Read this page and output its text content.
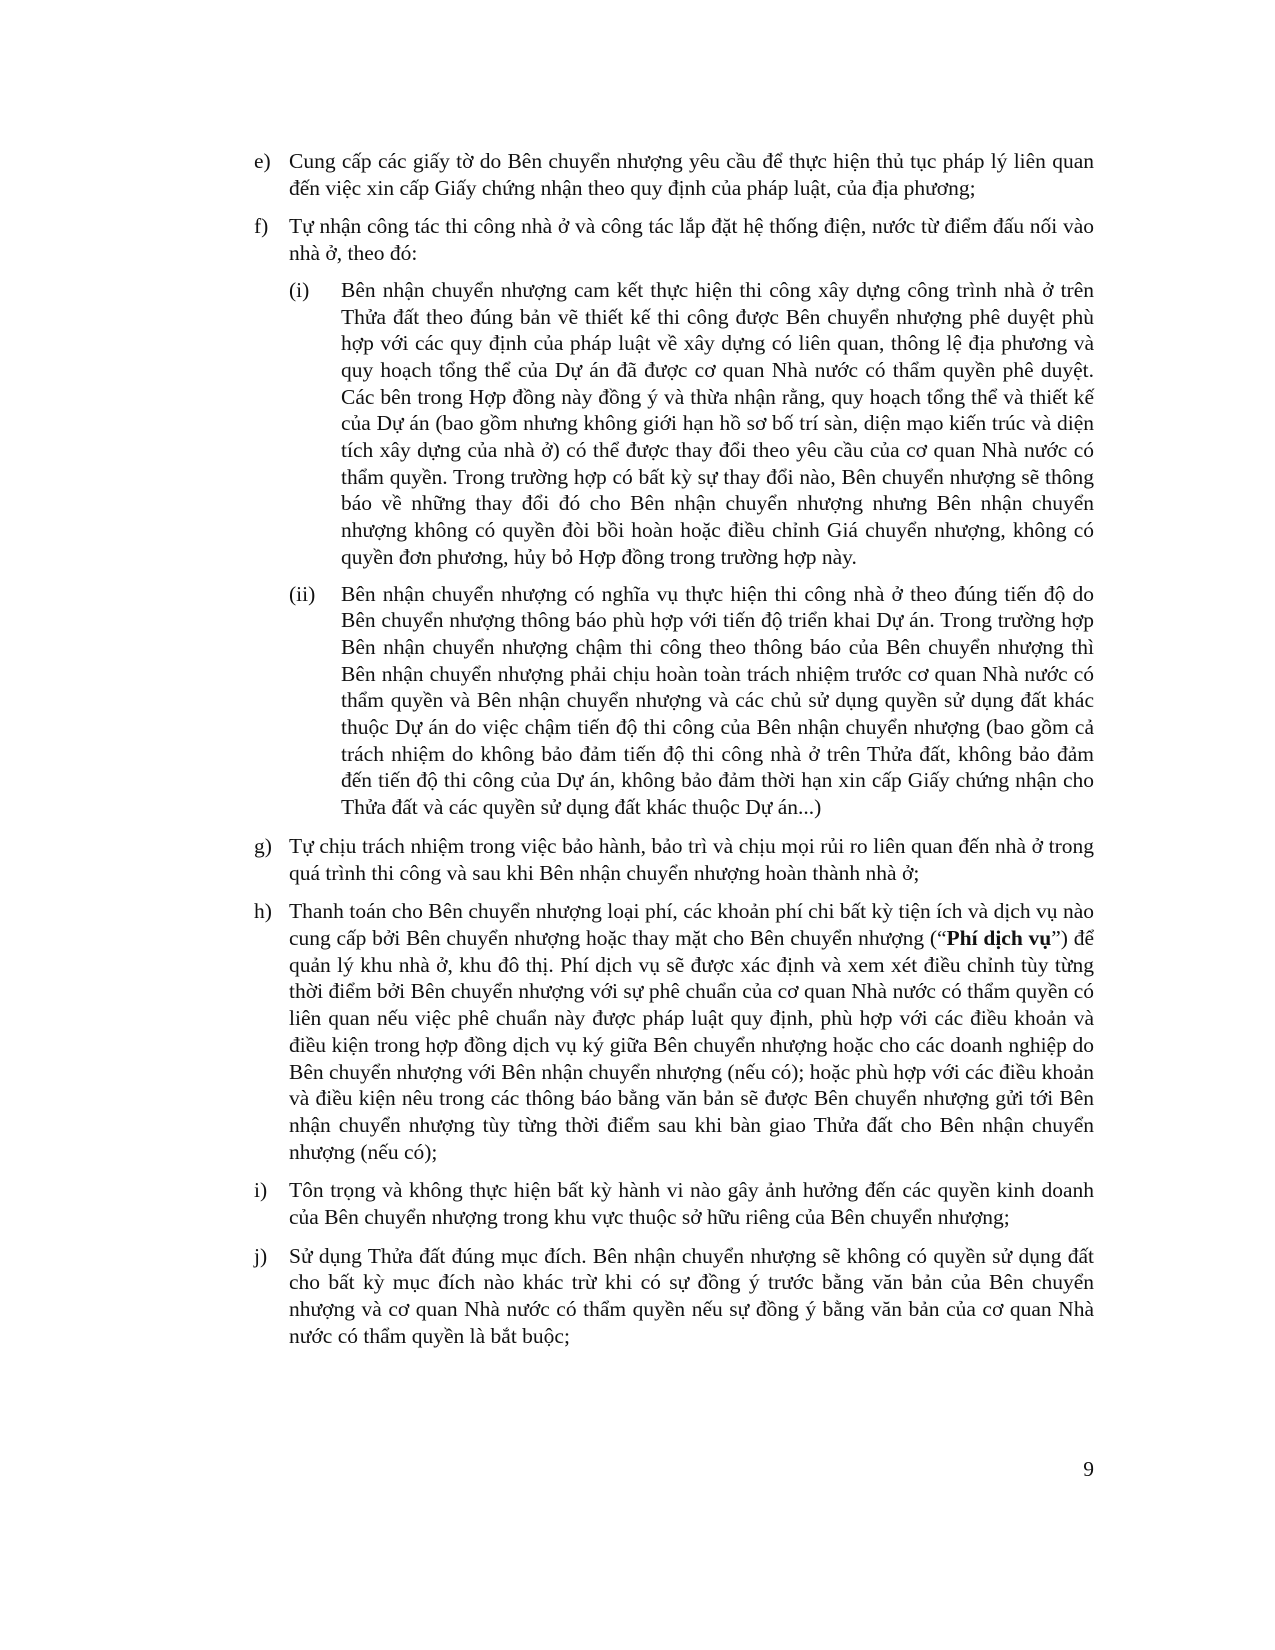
e) Cung cấp các giấy tờ do Bên chuyển nhượng yêu cầu để thực hiện thủ tục pháp lý liên quan đến việc xin cấp Giấy chứng nhận theo quy định của pháp luật, của địa phương;
f) Tự nhận công tác thi công nhà ở và công tác lắp đặt hệ thống điện, nước từ điểm đấu nối vào nhà ở, theo đó:
(i)	Bên nhận chuyển nhượng cam kết thực hiện thi công xây dựng công trình nhà ở trên Thửa đất theo đúng bản vẽ thiết kế thi công được Bên chuyển nhượng phê duyệt phù hợp với các quy định của pháp luật về xây dựng có liên quan, thông lệ địa phương và quy hoạch tổng thể của Dự án đã được cơ quan Nhà nước có thẩm quyền phê duyệt. Các bên trong Hợp đồng này đồng ý và thừa nhận rằng, quy hoạch tổng thể và thiết kế của Dự án (bao gồm nhưng không giới hạn hồ sơ bố trí sàn, diện mạo kiến trúc và diện tích xây dựng của nhà ở) có thể được thay đổi theo yêu cầu của cơ quan Nhà nước có thẩm quyền. Trong trường hợp có bất kỳ sự thay đổi nào, Bên chuyển nhượng sẽ thông báo về những thay đổi đó cho Bên nhận chuyển nhượng nhưng Bên nhận chuyển nhượng không có quyền đòi bồi hoàn hoặc điều chỉnh Giá chuyển nhượng, không có quyền đơn phương, hủy bỏ Hợp đồng trong trường hợp này.
(ii)	Bên nhận chuyển nhượng có nghĩa vụ thực hiện thi công nhà ở theo đúng tiến độ do Bên chuyển nhượng thông báo phù hợp với tiến độ triển khai Dự án. Trong trường hợp Bên nhận chuyển nhượng chậm thi công theo thông báo của Bên chuyển nhượng thì Bên nhận chuyển nhượng phải chịu hoàn toàn trách nhiệm trước cơ quan Nhà nước có thẩm quyền và Bên nhận chuyển nhượng và các chủ sử dụng quyền sử dụng đất khác thuộc Dự án do việc chậm tiến độ thi công của Bên nhận chuyển nhượng (bao gồm cả trách nhiệm do không bảo đảm tiến độ thi công nhà ở trên Thửa đất, không bảo đảm đến tiến độ thi công của Dự án, không bảo đảm thời hạn xin cấp Giấy chứng nhận cho Thửa đất và các quyền sử dụng đất khác thuộc Dự án...)
g) Tự chịu trách nhiệm trong việc bảo hành, bảo trì và chịu mọi rủi ro liên quan đến nhà ở trong quá trình thi công và sau khi Bên nhận chuyển nhượng hoàn thành nhà ở;
h) Thanh toán cho Bên chuyển nhượng loại phí, các khoản phí chi bất kỳ tiện ích và dịch vụ nào cung cấp bởi Bên chuyển nhượng hoặc thay mặt cho Bên chuyển nhượng (“Phí dịch vụ”) để quản lý khu nhà ở, khu đô thị. Phí dịch vụ sẽ được xác định và xem xét điều chỉnh tùy từng thời điểm bởi Bên chuyển nhượng với sự phê chuẩn của cơ quan Nhà nước có thẩm quyền có liên quan nếu việc phê chuẩn này được pháp luật quy định, phù hợp với các điều khoản và điều kiện trong hợp đồng dịch vụ ký giữa Bên chuyển nhượng hoặc cho các doanh nghiệp do Bên chuyển nhượng với Bên nhận chuyển nhượng (nếu có); hoặc phù hợp với các điều khoản và điều kiện nêu trong các thông báo bằng văn bản sẽ được Bên chuyển nhượng gửi tới Bên nhận chuyển nhượng tùy từng thời điểm sau khi bàn giao Thửa đất cho Bên nhận chuyển nhượng (nếu có);
i)	Tôn trọng và không thực hiện bất kỳ hành vi nào gây ảnh hưởng đến các quyền kinh doanh của Bên chuyển nhượng trong khu vực thuộc sở hữu riêng của Bên chuyển nhượng;
j)	Sử dụng Thửa đất đúng mục đích. Bên nhận chuyển nhượng sẽ không có quyền sử dụng đất cho bất kỳ mục đích nào khác trừ khi có sự đồng ý trước bằng văn bản của Bên chuyển nhượng và cơ quan Nhà nước có thẩm quyền nếu sự đồng ý bằng văn bản của cơ quan Nhà nước có thẩm quyền là bắt buộc;
9
